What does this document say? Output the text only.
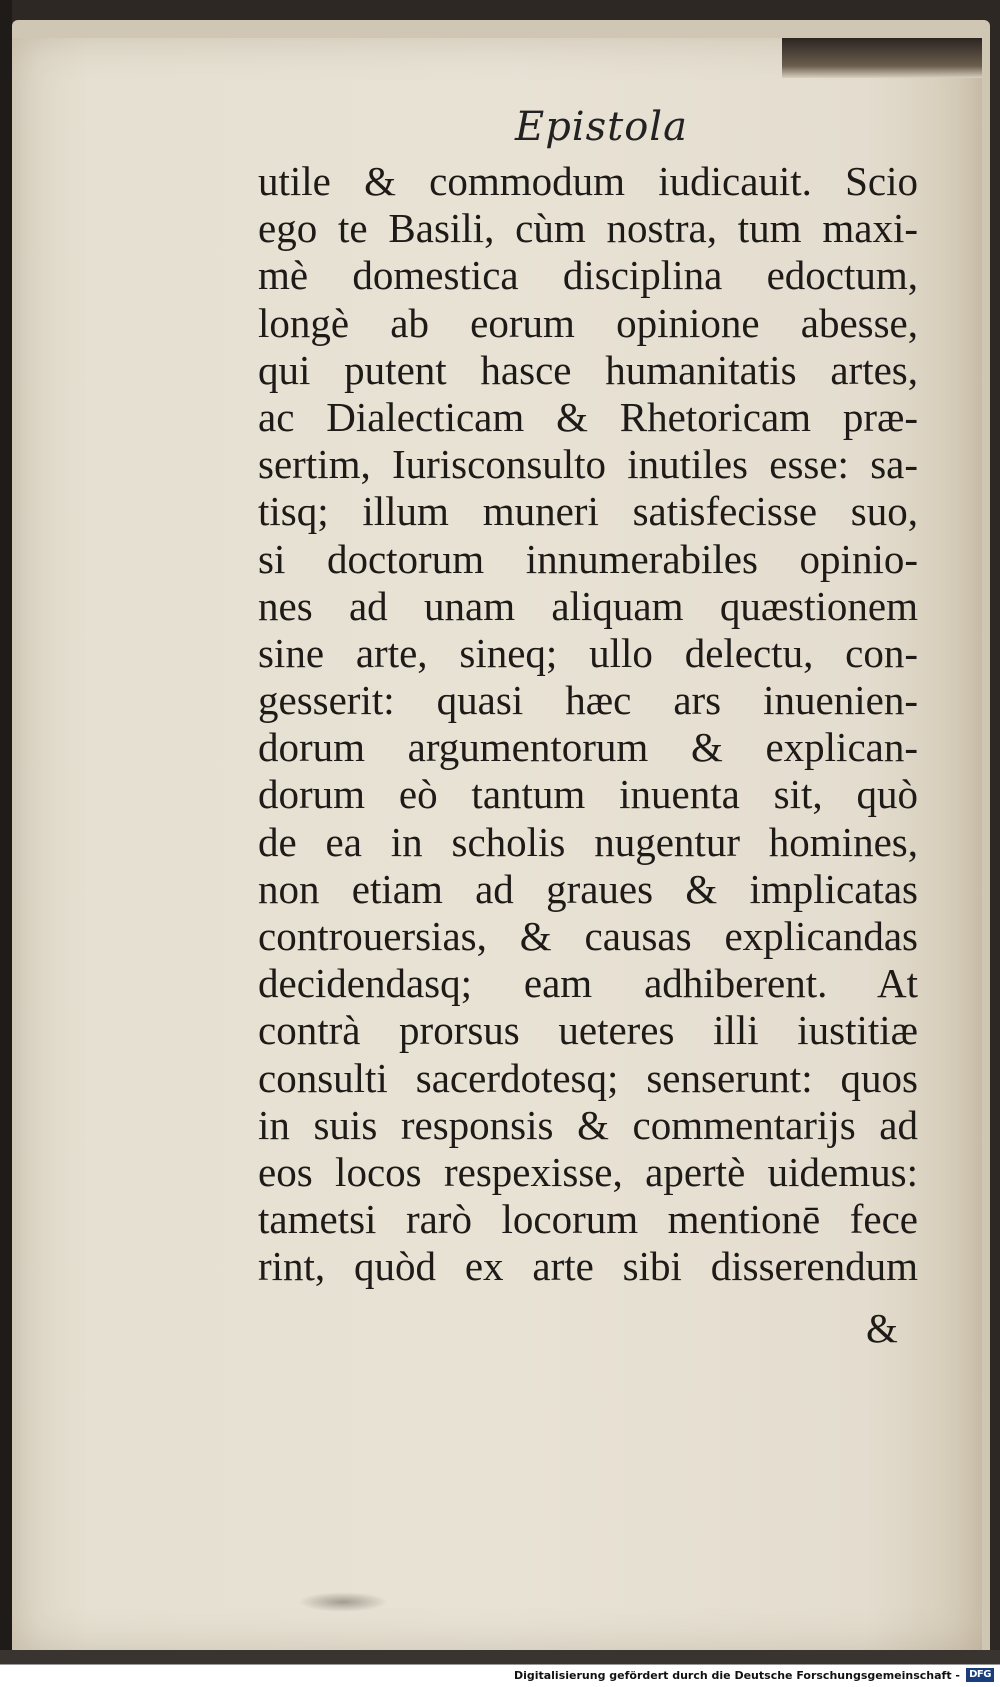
Epistola
utile & commodum iudicauit. Scio
ego te Basili, cùm nostra, tum maxi-
mè domestica disciplina edoctum,
longè ab eorum opinione abesse,
qui putent hasce humanitatis artes,
ac Dialecticam & Rhetoricam præ-
sertim, Iurisconsulto inutiles esse: sa-
tisq; illum muneri satisfecisse suo,
si doctorum innumerabiles opinio-
nes ad unam aliquam quæstionem
sine arte, sineq; ullo delectu, con-
gesserit: quasi hæc ars inuenien-
dorum argumentorum & explican-
dorum eò tantum inuenta sit, quò
de ea in scholis nugentur homines,
non etiam ad graues & implicatas
controuersias, & causas explicandas
decidendasq; eam adhiberent. At
contrà prorsus ueteres illi iustitiæ
consulti sacerdotesq; senserunt: quos
in suis responsis & commentarijs ad
eos locos respexisse, apertè uidemus:
tametsi rarò locorum mentionē fece
rint, quòd ex arte sibi disserendum
&
Digitalisierung gefördert durch die Deutsche Forschungsgemeinschaft - DFG
